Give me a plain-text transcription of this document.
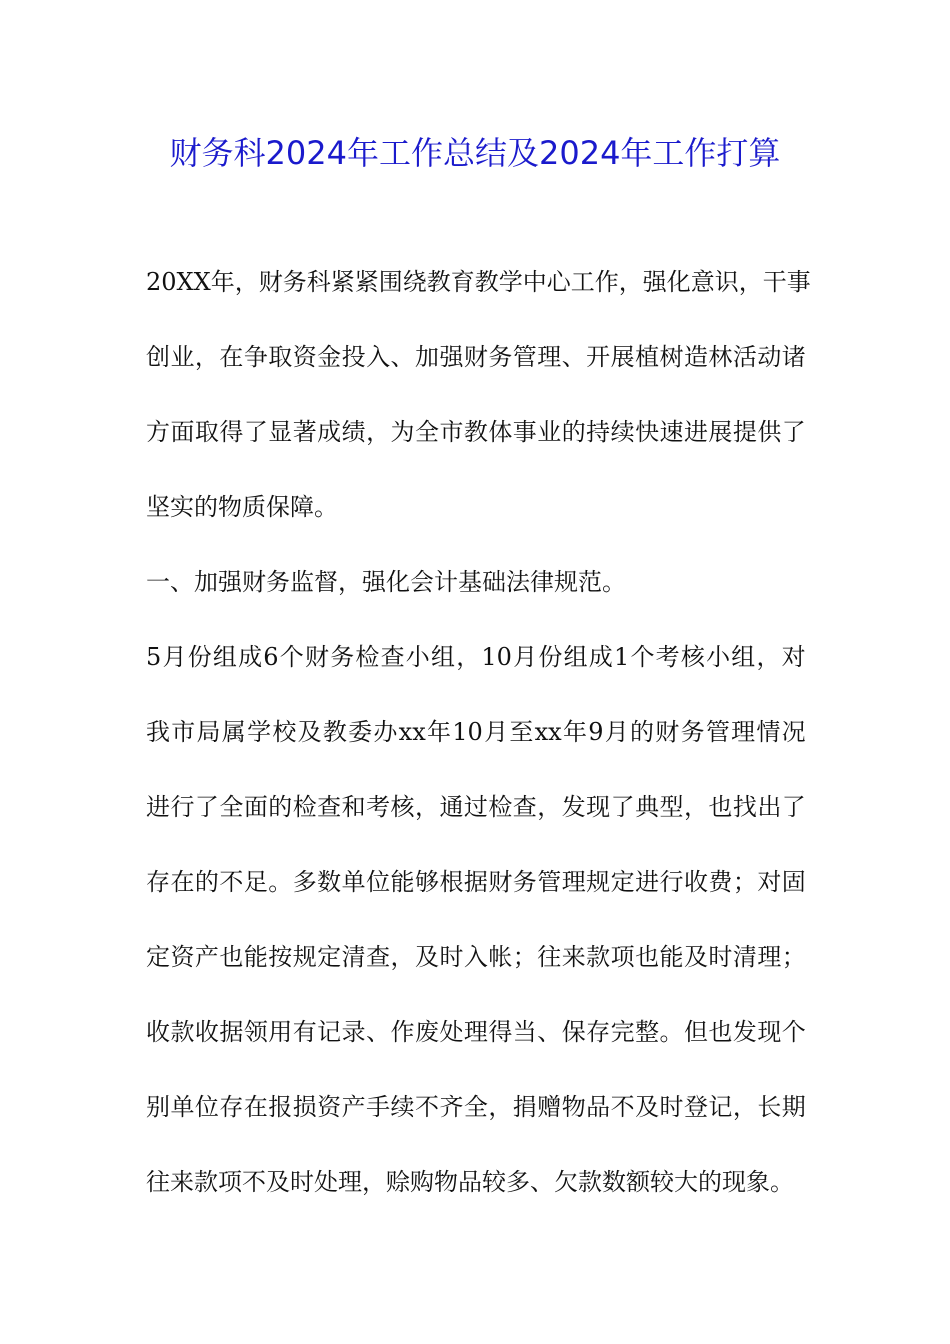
财务科2024年工作总结及2024年工作打算
20XX 年 ， 财 务 科 紧 紧 围 绕 教 育 教 学 中 心 工 作 ， 强 化 意 识 ， 干 事
创 业 ， 在 争 取 资 金 投 入 、 加 强 财 务 管 理 、 开 展 植 树 造 林 活 动 诸
方 面 取 得 了 显 著 成 绩 ， 为 全 市 教 体 事 业 的 持 续 快 速 进 展 提 供 了
坚实的物质保障。
一、加强财务监督，强化会计基础法律规范。
5 月 份 组 成 6 个 财 务 检 查 小 组 ， 10 月 份 组 成 1 个 考 核 小 组 ， 对
我 市 局 属 学 校 及 教 委 办 xx 年 10 月 至 xx 年 9 月 的 财 务 管 理 情 况
进 行 了 全 面 的 检 查 和 考 核 ， 通 过 检 查 ， 发 现 了 典 型 ， 也 找 出 了
存 在 的 不 足 。 多 数 单 位 能 够 根 据 财 务 管 理 规 定 进 行 收 费 ； 对 固
定 资 产 也 能 按 规 定 清 查 ， 及 时 入 帐 ； 往 来 款 项 也 能 及 时 清 理 ；
收 款 收 据 领 用 有 记 录 、 作 废 处 理 得 当 、 保 存 完 整 。 但 也 发 现 个
别 单 位 存 在 报 损 资 产 手 续 不 齐 全 ， 捐 赠 物 品 不 及 时 登 记 ， 长 期
往来款项不及时处理，赊购物品较多、欠款数额较大的现象。
